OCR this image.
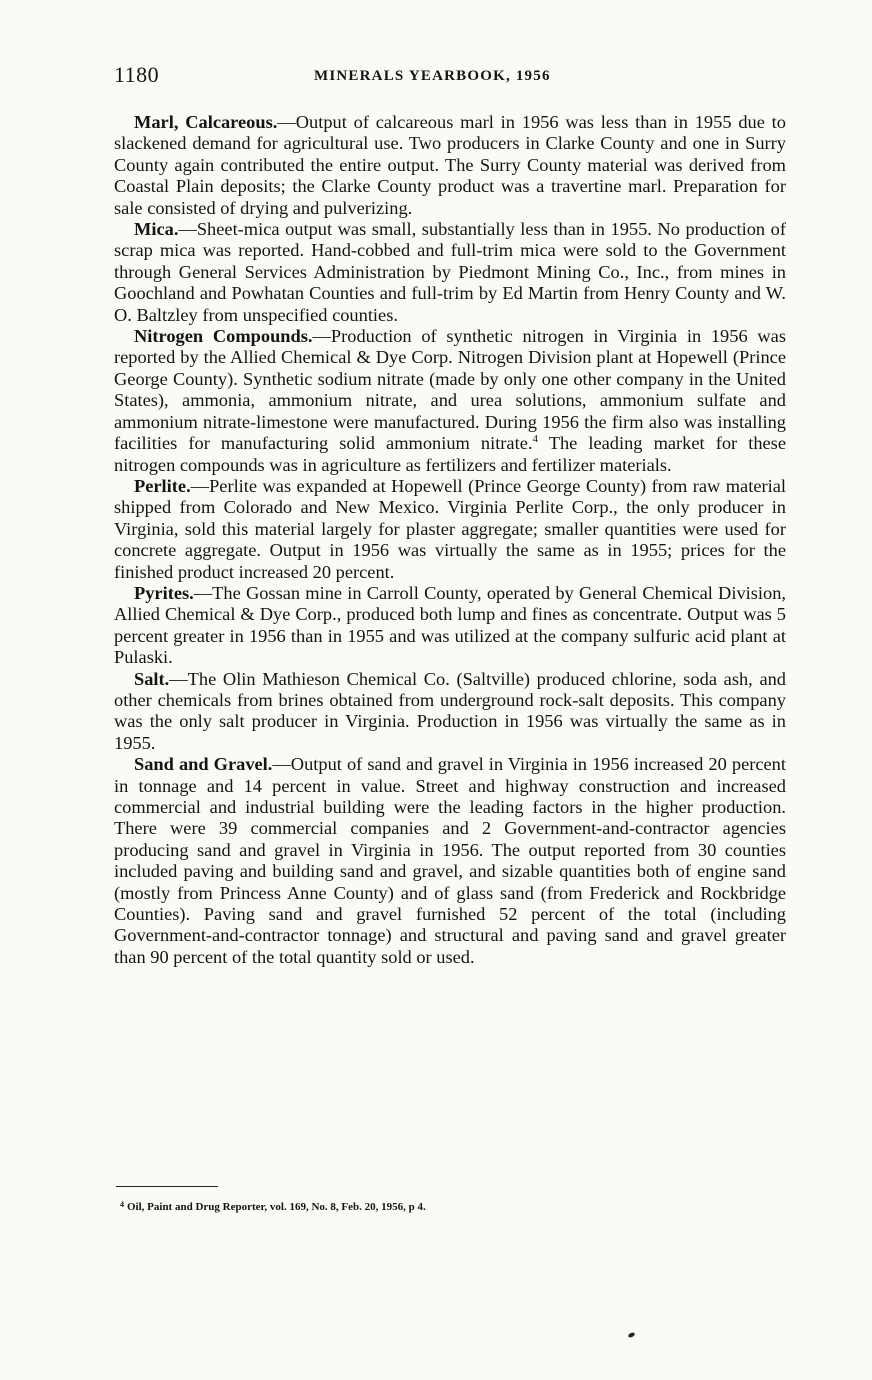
1180	MINERALS YEARBOOK, 1956

Marl, Calcareous.—Output of calcareous marl in 1956 was less than in 1955 due to slackened demand for agricultural use. Two producers in Clarke County and one in Surry County again contributed the entire output. The Surry County material was derived from Coastal Plain deposits; the Clarke County product was a travertine marl. Preparation for sale consisted of drying and pulverizing.

Mica.—Sheet-mica output was small, substantially less than in 1955. No production of scrap mica was reported. Hand-cobbed and full-trim mica were sold to the Government through General Services Administration by Piedmont Mining Co., Inc., from mines in Goochland and Powhatan Counties and full-trim by Ed Martin from Henry County and W. O. Baltzley from unspecified counties.

Nitrogen Compounds.—Production of synthetic nitrogen in Virginia in 1956 was reported by the Allied Chemical & Dye Corp. Nitrogen Division plant at Hopewell (Prince George County). Synthetic sodium nitrate (made by only one other company in the United States), ammonia, ammonium nitrate, and urea solutions, ammonium sulfate and ammonium nitrate-limestone were manufactured. During 1956 the firm also was installing facilities for manufacturing solid ammonium nitrate.$^4$ The leading market for these nitrogen compounds was in agriculture as fertilizers and fertilizer materials.

Perlite.—Perlite was expanded at Hopewell (Prince George County) from raw material shipped from Colorado and New Mexico. Virginia Perlite Corp., the only producer in Virginia, sold this material largely for plaster aggregate; smaller quantities were used for concrete aggregate. Output in 1956 was virtually the same as in 1955; prices for the finished product increased 20 percent.

Pyrites.—The Gossan mine in Carroll County, operated by General Chemical Division, Allied Chemical & Dye Corp., produced both lump and fines as concentrate. Output was 5 percent greater in 1956 than in 1955 and was utilized at the company sulfuric acid plant at Pulaski.

Salt.—The Olin Mathieson Chemical Co. (Saltville) produced chlorine, soda ash, and other chemicals from brines obtained from underground rock-salt deposits. This company was the only salt producer in Virginia. Production in 1956 was virtually the same as in 1955.

Sand and Gravel.—Output of sand and gravel in Virginia in 1956 increased 20 percent in tonnage and 14 percent in value. Street and highway construction and increased commercial and industrial building were the leading factors in the higher production. There were 39 commercial companies and 2 Government-and-contractor agencies producing sand and gravel in Virginia in 1956. The output reported from 30 counties included paving and building sand and gravel, and sizable quantities both of engine sand (mostly from Princess Anne County) and of glass sand (from Frederick and Rockbridge Counties). Paving sand and gravel furnished 52 percent of the total (including Government-and-contractor tonnage) and structural and paving sand and gravel greater than 90 percent of the total quantity sold or used.

$^4$ Oil, Paint and Drug Reporter, vol. 169, No. 8, Feb. 20, 1956, p 4.
